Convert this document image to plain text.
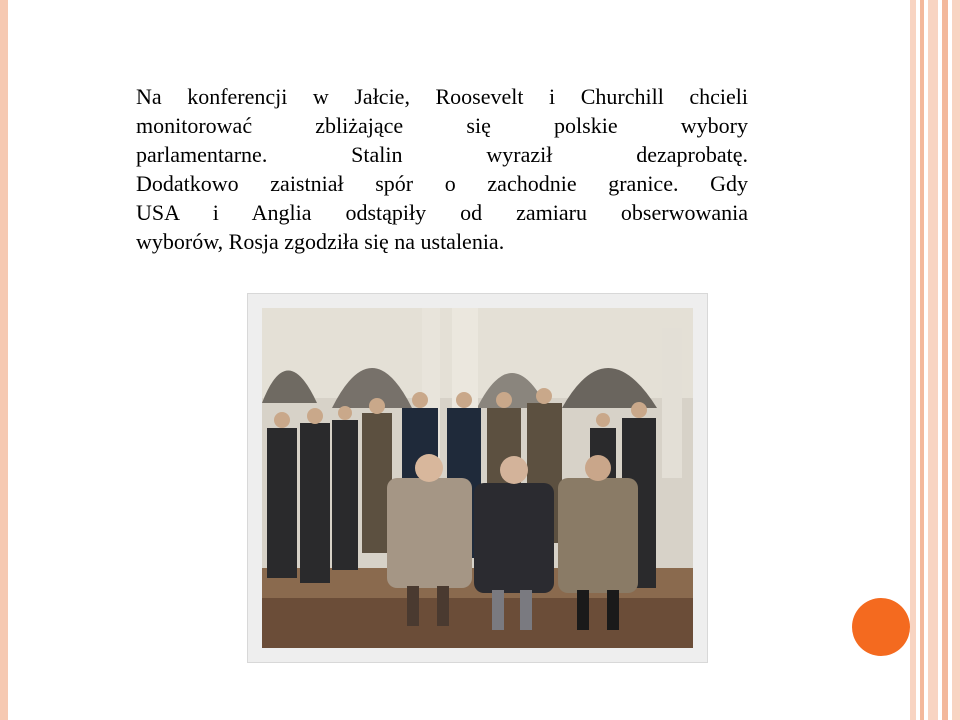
Na konferencji w Jałcie, Roosevelt i Churchill chcieli
monitorować zbliżające się polskie wybory
parlamentarne. Stalin wyraził dezaprobatę.
Dodatkowo zaistniał spór o zachodnie granice. Gdy
USA i Anglia odstąpiły od zamiaru obserwowania
wyborów, Rosja zgodziła się na ustalenia.
